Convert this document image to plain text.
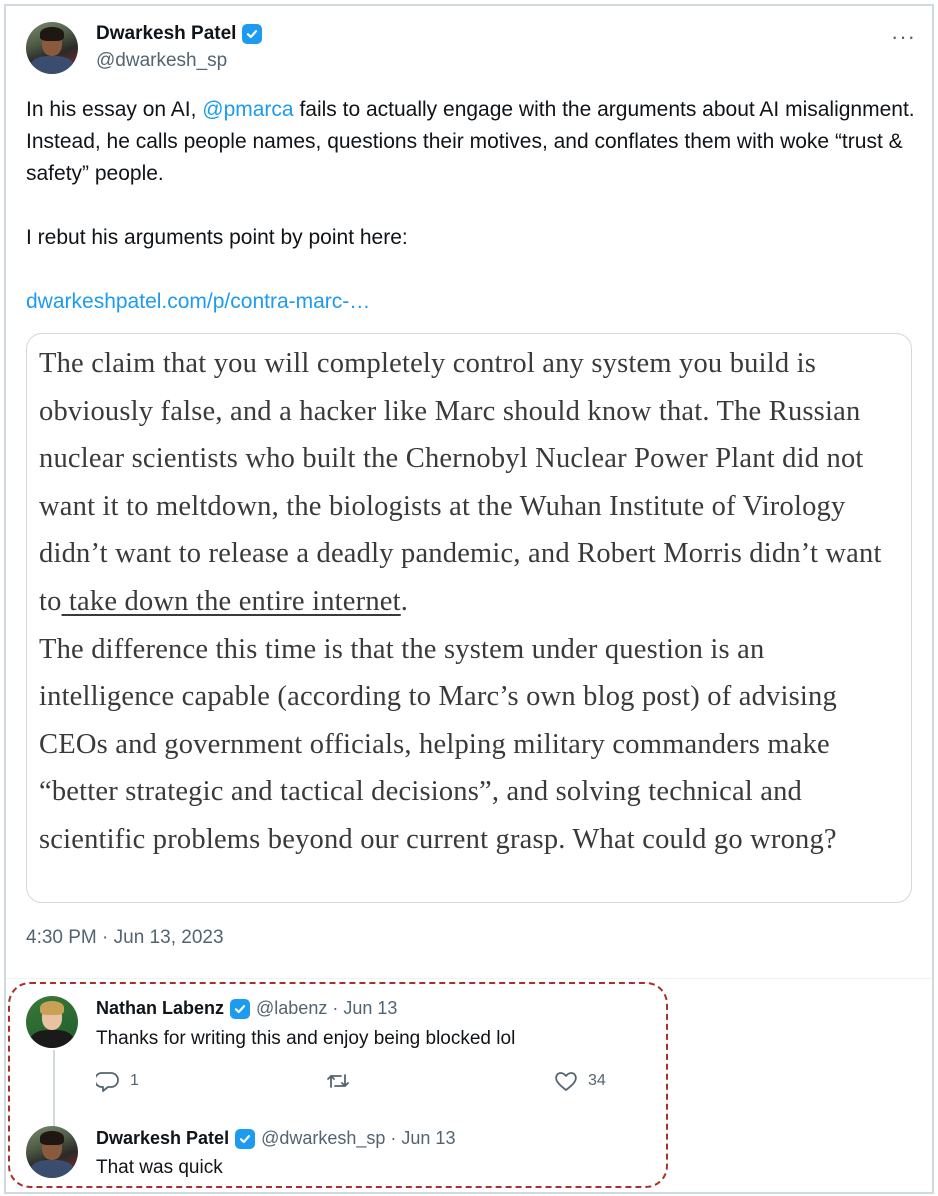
Dwarkesh Patel
@dwarkesh_sp
···

In his essay on AI, @pmarca fails to actually engage with the arguments about AI misalignment. Instead, he calls people names, questions their motives, and conflates them with woke “trust & safety” people.

I rebut his arguments point by point here:

dwarkeshpatel.com/p/contra-marc-…

The claim that you will completely control any system you build is obviously false, and a hacker like Marc should know that. The Russian nuclear scientists who built the Chernobyl Nuclear Power Plant did not want it to meltdown, the biologists at the Wuhan Institute of Virology didn’t want to release a deadly pandemic, and Robert Morris didn’t want to take down the entire internet.
The difference this time is that the system under question is an intelligence capable (according to Marc’s own blog post) of advising CEOs and government officials, helping military commanders make “better strategic and tactical decisions”, and solving technical and scientific problems beyond our current grasp. What could go wrong?
4:30 PM · Jun 13, 2023
Nathan Labenz @labenz · Jun 13
Thanks for writing this and enjoy being blocked lol
1	34
Dwarkesh Patel @dwarkesh_sp · Jun 13
That was quick
